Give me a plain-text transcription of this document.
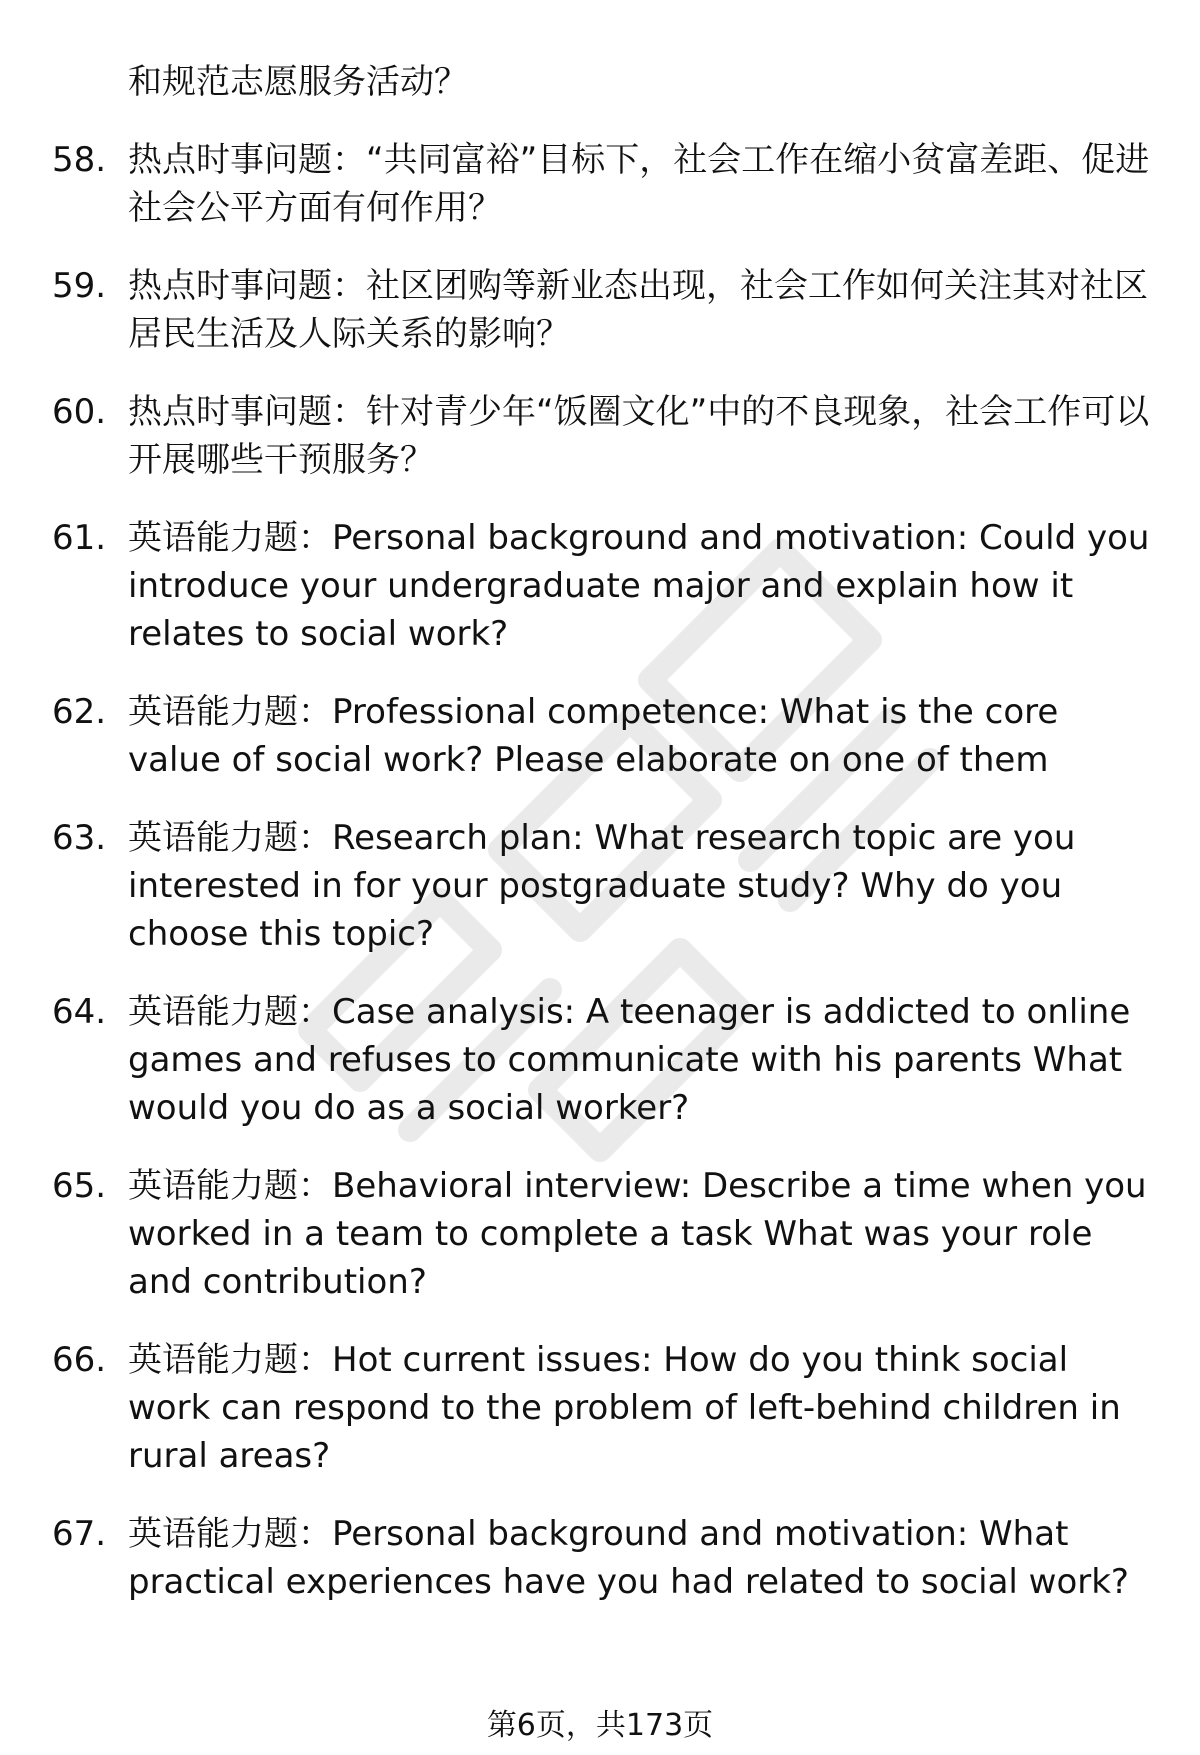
和规范志愿服务活动？
58. 热点时事问题：“共同富裕”目标下，社会工作在缩小贫富差距、促进社会公平方面有何作用？
59. 热点时事问题：社区团购等新业态出现，社会工作如何关注其对社区居民生活及人际关系的影响？
60. 热点时事问题：针对青少年“饭圈文化”中的不良现象，社会工作可以开展哪些干预服务？
61. 英语能力题：Personal background and motivation: Could you introduce your undergraduate major and explain how it relates to social work?
62. 英语能力题：Professional competence: What is the core value of social work? Please elaborate on one of them
63. 英语能力题：Research plan: What research topic are you interested in for your postgraduate study? Why do you choose this topic?
64. 英语能力题：Case analysis: A teenager is addicted to online games and refuses to communicate with his parents What would you do as a social worker?
65. 英语能力题：Behavioral interview: Describe a time when you worked in a team to complete a task What was your role and contribution?
66. 英语能力题：Hot current issues: How do you think social work can respond to the problem of left-behind children in rural areas?
67. 英语能力题：Personal background and motivation: What practical experiences have you had related to social work?
第6页，共173页
